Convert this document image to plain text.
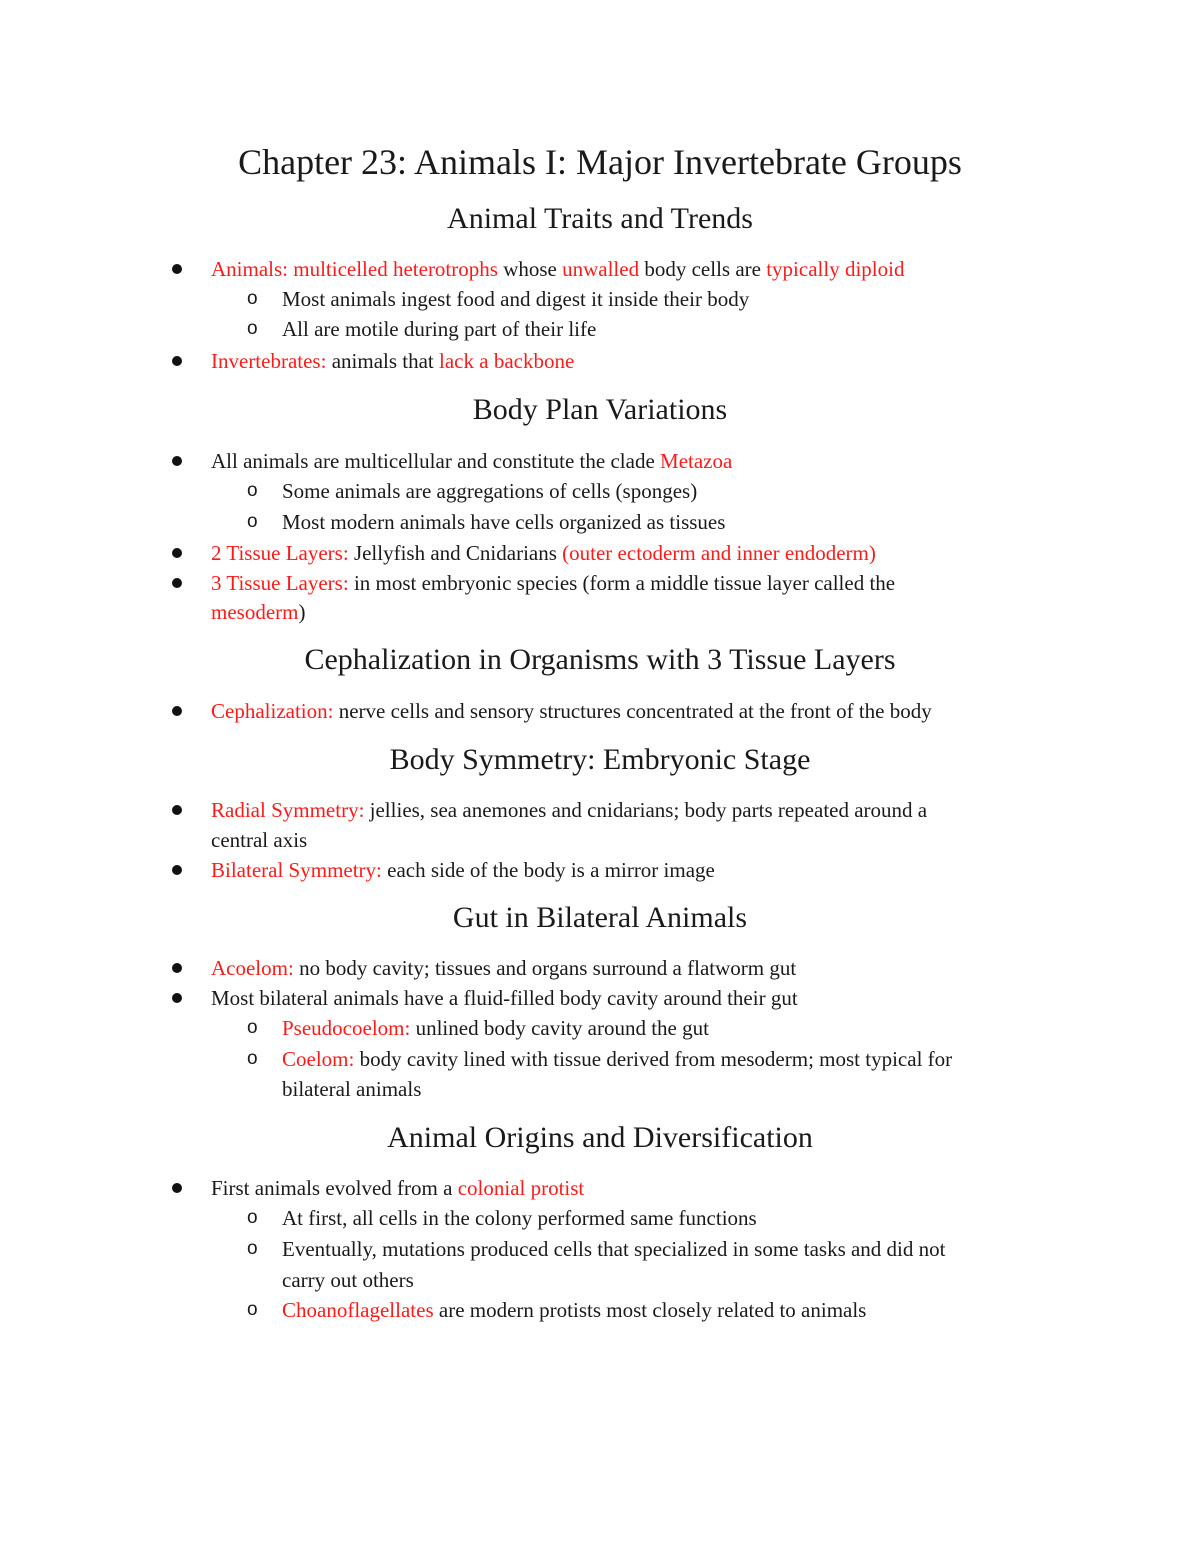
Chapter 23: Animals I: Major Invertebrate Groups
Animal Traits and Trends

Animals: multicelled heterotrophs whose unwalled body cells are typically diploid

o Most animals ingest food and digest it inside their body

o All are motile during part of their life

Invertebrates: animals that lack a backbone

Body Plan Variations

All animals are multicellular and constitute the clade Metazoa

o Some animals are aggregations of cells (sponges)

o Most modern animals have cells organized as tissues

2 Tissue Layers: Jellyfish and Cnidarians (outer ectoderm and inner endoderm)

3 Tissue Layers: in most embryonic species (form a middle tissue layer called the

mesoderm)

Cephalization in Organisms with 3 Tissue Layers

Cephalization: nerve cells and sensory structures concentrated at the front of the body

Body Symmetry: Embryonic Stage

Radial Symmetry: jellies, sea anemones and cnidarians; body parts repeated around a

central axis

Bilateral Symmetry: each side of the body is a mirror image

Gut in Bilateral Animals

Acoelom: no body cavity; tissues and organs surround a flatworm gut

Most bilateral animals have a fluid-filled body cavity around their gut

o Pseudocoelom: unlined body cavity around the gut

o Coelom: body cavity lined with tissue derived from mesoderm; most typical for

bilateral animals

Animal Origins and Diversification

First animals evolved from a colonial protist

o At first, all cells in the colony performed same functions

o Eventually, mutations produced cells that specialized in some tasks and did not

carry out others

o Choanoflagellates are modern protists most closely related to animals
